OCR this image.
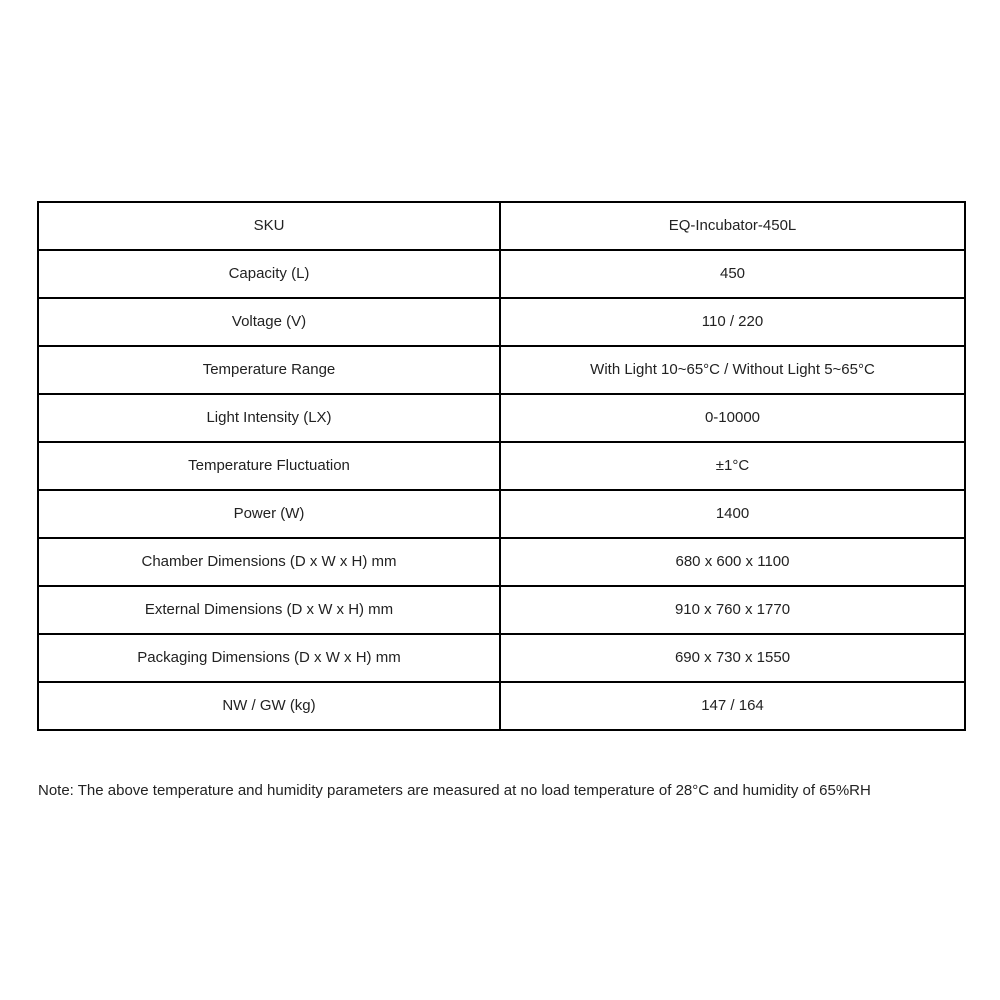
SKU	EQ-Incubator-450L
Capacity (L)	450
Voltage (V)	110 / 220
Temperature Range	With Light 10~65°C / Without Light 5~65°C
Light Intensity (LX)	0-10000
Temperature Fluctuation	±1°C
Power (W)	1400
Chamber Dimensions (D x W x H) mm	680 x 600 x 1100
External Dimensions (D x W x H) mm	910 x 760 x 1770
Packaging Dimensions (D x W x H) mm	690 x 730 x 1550
NW / GW (kg)	147 / 164
Note: The above temperature and humidity parameters are measured at no load temperature of 28°C and humidity of 65%RH
